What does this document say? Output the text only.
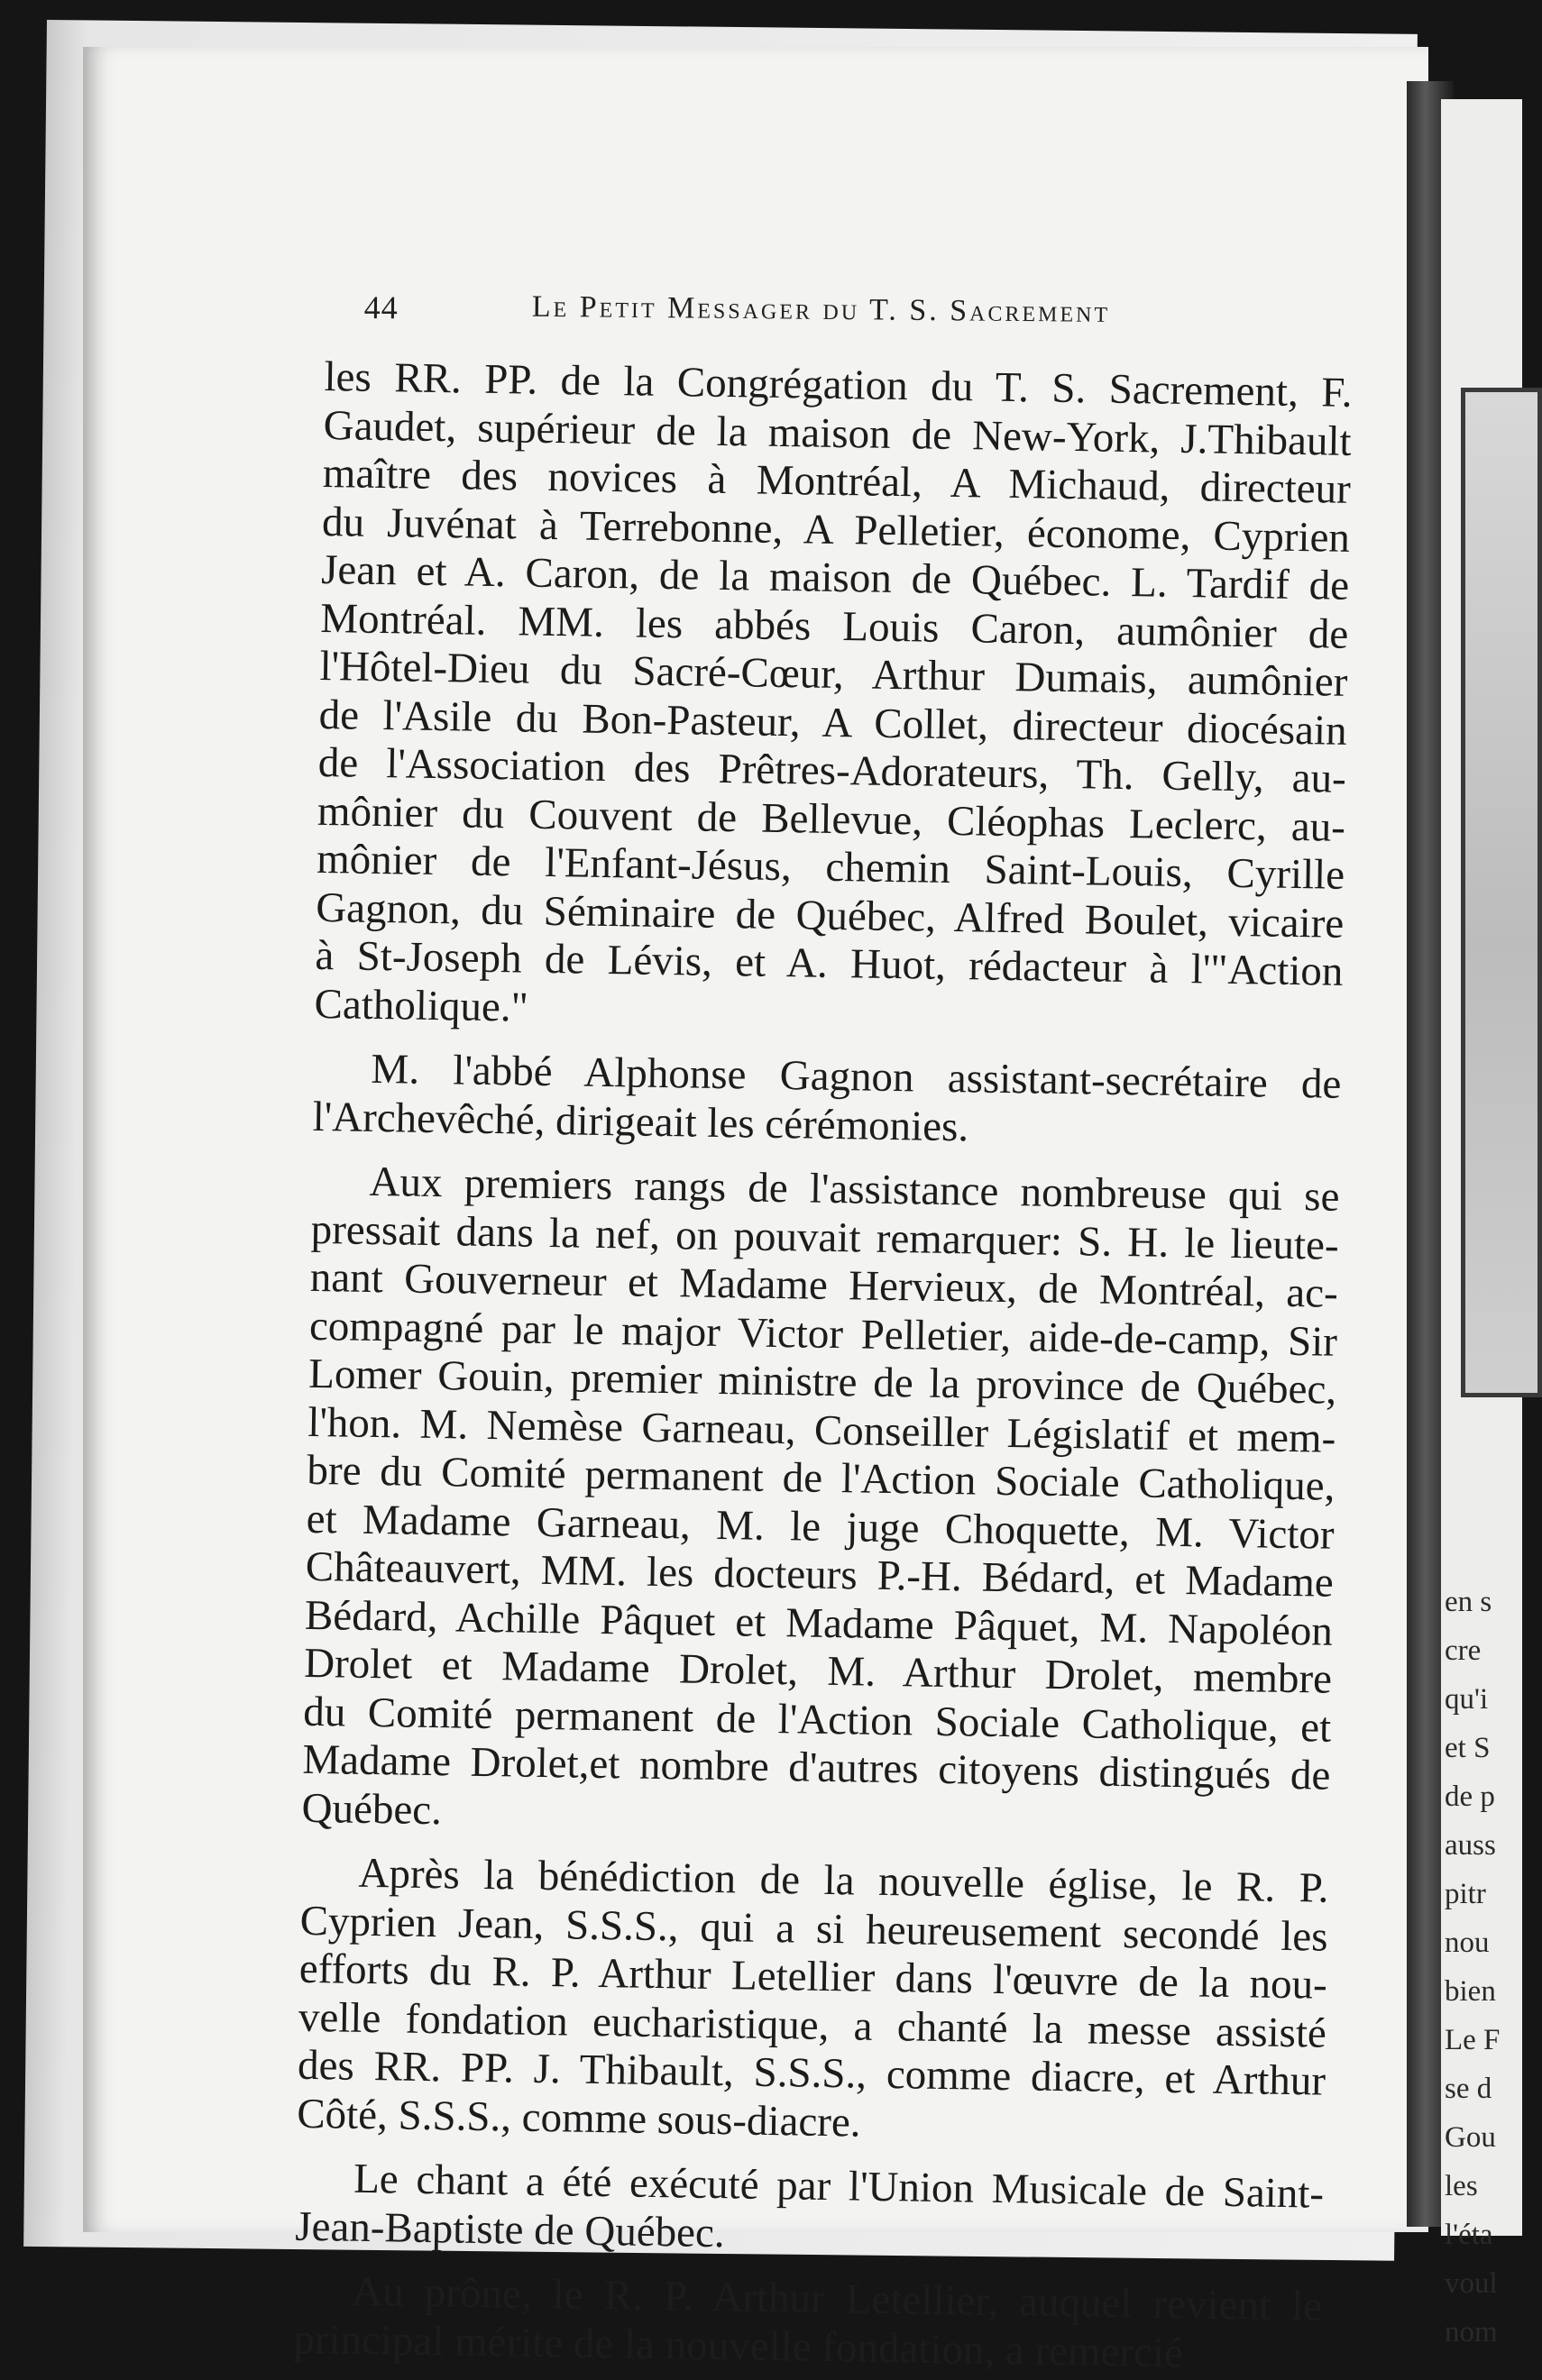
en s
cre
qu'i
et S
de p
auss
pitr
nou
bien
Le F
se d
Gou
les
l'éta
voul
nom
44	Le Petit Messager du T. S. Sacrement
les RR. PP. de la Congrégation du T. S. Sacrement, F.
Gaudet, supérieur de la maison de New-York, J.Thibault
maître des novices à Montréal, A Michaud, directeur
du Juvénat à Terrebonne, A Pelletier, économe, Cyprien
Jean et A. Caron, de la maison de Québec. L. Tardif de
Montréal. MM. les abbés Louis Caron, aumônier de
l'Hôtel-Dieu du Sacré-Cœur, Arthur Dumais, aumônier
de l'Asile du Bon-Pasteur, A Collet, directeur diocésain
de l'Association des Prêtres-Adorateurs, Th. Gelly, au-
mônier du Couvent de Bellevue, Cléophas Leclerc, au-
mônier de l'Enfant-Jésus, chemin Saint-Louis, Cyrille
Gagnon, du Séminaire de Québec, Alfred Boulet, vicaire
à St-Joseph de Lévis, et A. Huot, rédacteur à l'"Action
Catholique."
M. l'abbé Alphonse Gagnon assistant-secrétaire de
l'Archevêché, dirigeait les cérémonies.
Aux premiers rangs de l'assistance nombreuse qui se
pressait dans la nef, on pouvait remarquer: S. H. le lieute-
nant Gouverneur et Madame Hervieux, de Montréal, ac-
compagné par le major Victor Pelletier, aide-de-camp, Sir
Lomer Gouin, premier ministre de la province de Québec,
l'hon. M. Nemèse Garneau, Conseiller Législatif et mem-
bre du Comité permanent de l'Action Sociale Catholique,
et Madame Garneau, M. le juge Choquette, M. Victor
Châteauvert, MM. les docteurs P.-H. Bédard, et Madame
Bédard, Achille Pâquet et Madame Pâquet, M. Napoléon
Drolet et Madame Drolet, M. Arthur Drolet, membre
du Comité permanent de l'Action Sociale Catholique, et
Madame Drolet,et nombre d'autres citoyens distingués de
Québec.
Après la bénédiction de la nouvelle église, le R. P.
Cyprien Jean, S.S.S., qui a si heureusement secondé les
efforts du R. P. Arthur Letellier dans l'œuvre de la nou-
velle fondation eucharistique, a chanté la messe assisté
des RR. PP. J. Thibault, S.S.S., comme diacre, et Arthur
Côté, S.S.S., comme sous-diacre.
Le chant a été exécuté par l'Union Musicale de Saint-
Jean-Baptiste de Québec.
Au prône, le R. P. Arthur Letellier, auquel revient le
principal mérite de la nouvelle fondation, a remercié
